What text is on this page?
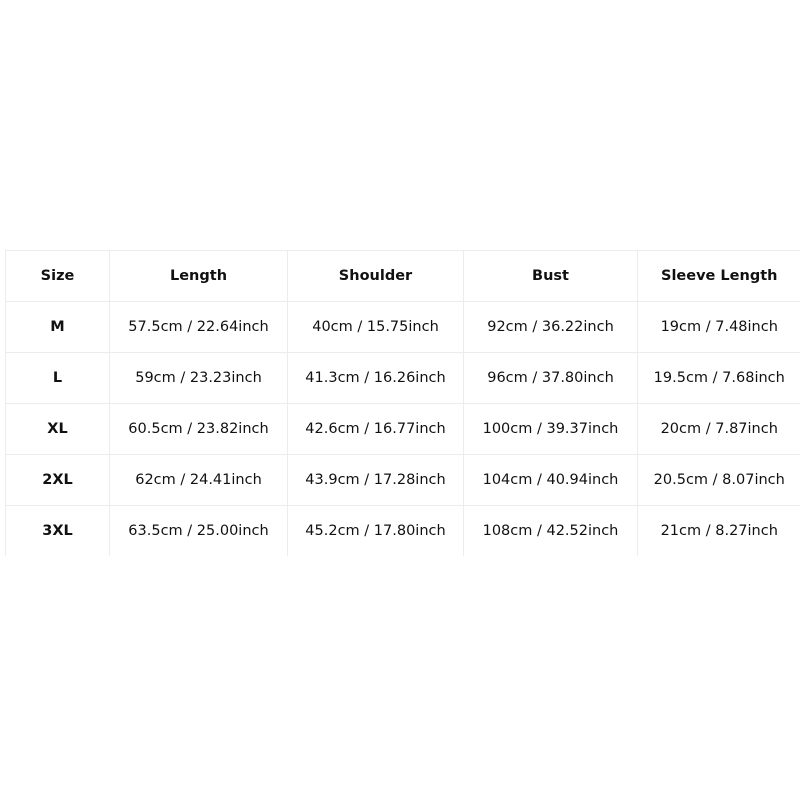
Size	Length	Shoulder	Bust	Sleeve Length
M	57.5cm / 22.64inch	40cm / 15.75inch	92cm / 36.22inch	19cm / 7.48inch
L	59cm / 23.23inch	41.3cm / 16.26inch	96cm / 37.80inch	19.5cm / 7.68inch
XL	60.5cm / 23.82inch	42.6cm / 16.77inch	100cm / 39.37inch	20cm / 7.87inch
2XL	62cm / 24.41inch	43.9cm / 17.28inch	104cm / 40.94inch	20.5cm / 8.07inch
3XL	63.5cm / 25.00inch	45.2cm / 17.80inch	108cm / 42.52inch	21cm / 8.27inch
